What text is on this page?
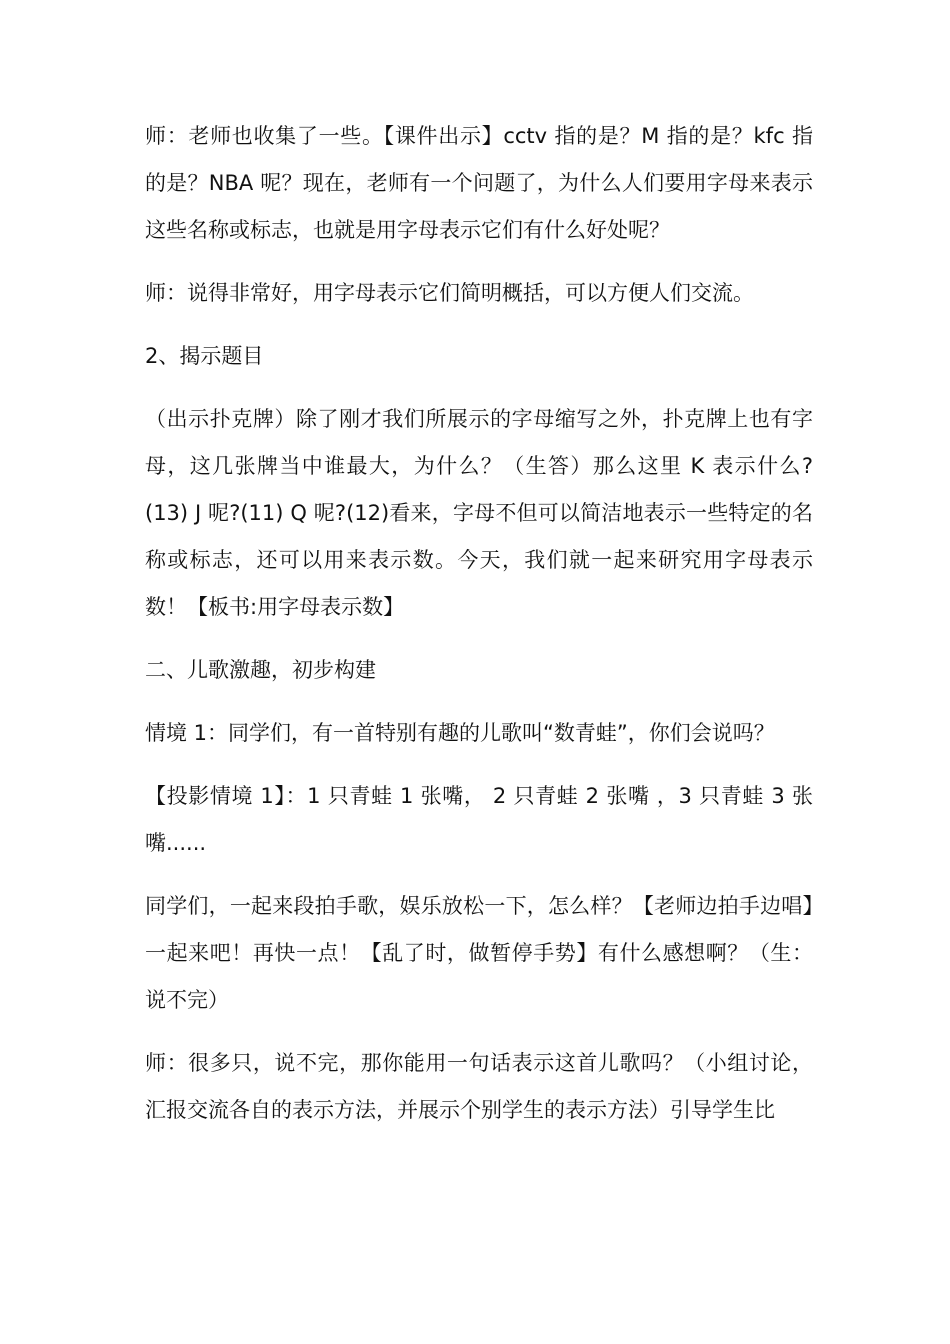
师：老师也收集了一些。【课件出示】cctv 指的是？M 指的是？kfc 指的是？NBA 呢？现在，老师有一个问题了，为什么人们要用字母来表示这些名称或标志，也就是用字母表示它们有什么好处呢？

师：说得非常好，用字母表示它们简明概括，可以方便人们交流。

2、揭示题目

（出示扑克牌）除了刚才我们所展示的字母缩写之外，扑克牌上也有字母，这几张牌当中谁最大，为什么？（生答）那么这里 K 表示什么?(13) J 呢?(11) Q 呢?(12)看来，字母不但可以简洁地表示一些特定的名称或标志，还可以用来表示数。今天，我们就一起来研究用字母表示数！【板书:用字母表示数】

二、儿歌激趣，初步构建

情境 1：同学们，有一首特别有趣的儿歌叫“数青蛙”，你们会说吗？

【投影情境 1】：1 只青蛙 1 张嘴， 2 只青蛙 2 张嘴 ，3 只青蛙 3 张嘴......

同学们，一起来段拍手歌，娱乐放松一下，怎么样？【老师边拍手边唱】一起来吧！再快一点！【乱了时，做暂停手势】有什么感想啊？（生：说不完）

师：很多只，说不完，那你能用一句话表示这首儿歌吗？（小组讨论，汇报交流各自的表示方法，并展示个别学生的表示方法）引导学生比
